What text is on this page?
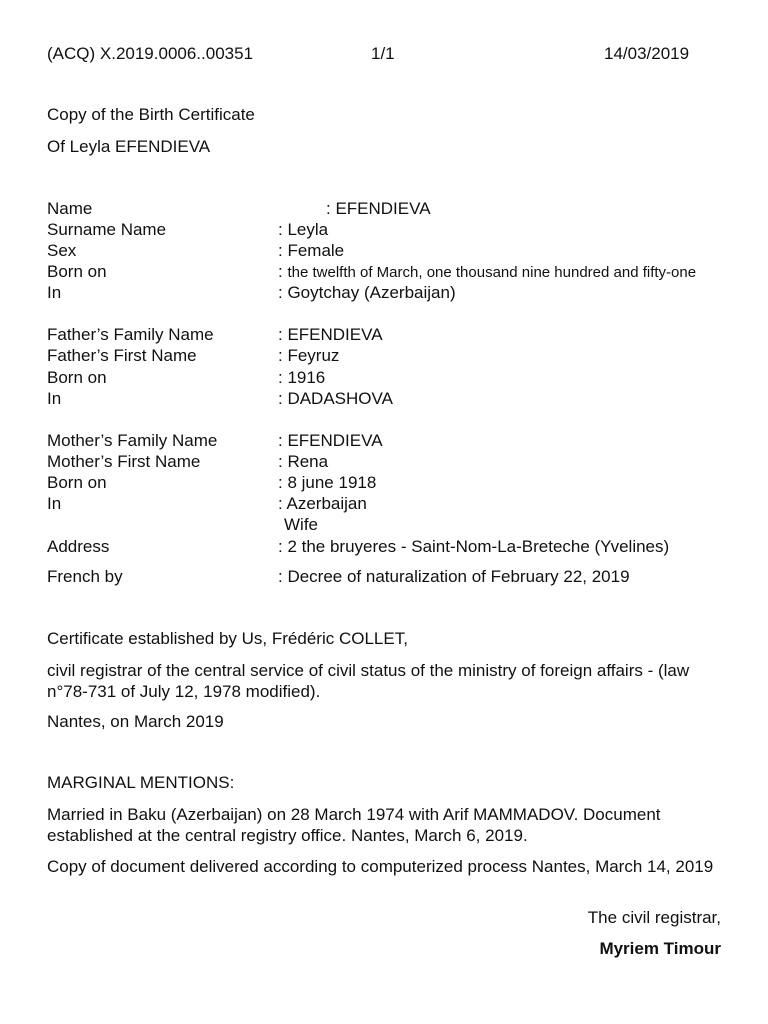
(ACQ) X.2019.0006..00351	1/1	14/03/2019
Copy of the Birth Certificate
Of Leyla EFENDIEVA
Name	: EFENDIEVA
Surname Name	: Leyla
Sex	: Female
Born on	: the twelfth of March, one thousand nine hundred and fifty-one
In	: Goytchay (Azerbaijan)
Father’s Family Name	: EFENDIEVA
Father’s First Name	: Feyruz
Born on	: 1916
In	: DADASHOVA
Mother’s Family Name	: EFENDIEVA
Mother’s First Name	: Rena
Born on	: 8 june 1918
In	: Azerbaijan
Wife
Address	: 2 the bruyeres - Saint-Nom-La-Breteche (Yvelines)
French by	: Decree of naturalization of February 22, 2019
Certificate established by Us, Frédéric COLLET,
civil registrar of the central service of civil status of the ministry of foreign affairs - (law n°78-731 of July 12, 1978 modified).
Nantes, on March 2019
MARGINAL MENTIONS:
Married in Baku (Azerbaijan) on 28 March 1974 with Arif MAMMADOV. Document established at the central registry office. Nantes, March 6, 2019.
Copy of document delivered according to computerized process Nantes, March 14, 2019
The civil registrar,
Myriem Timour
